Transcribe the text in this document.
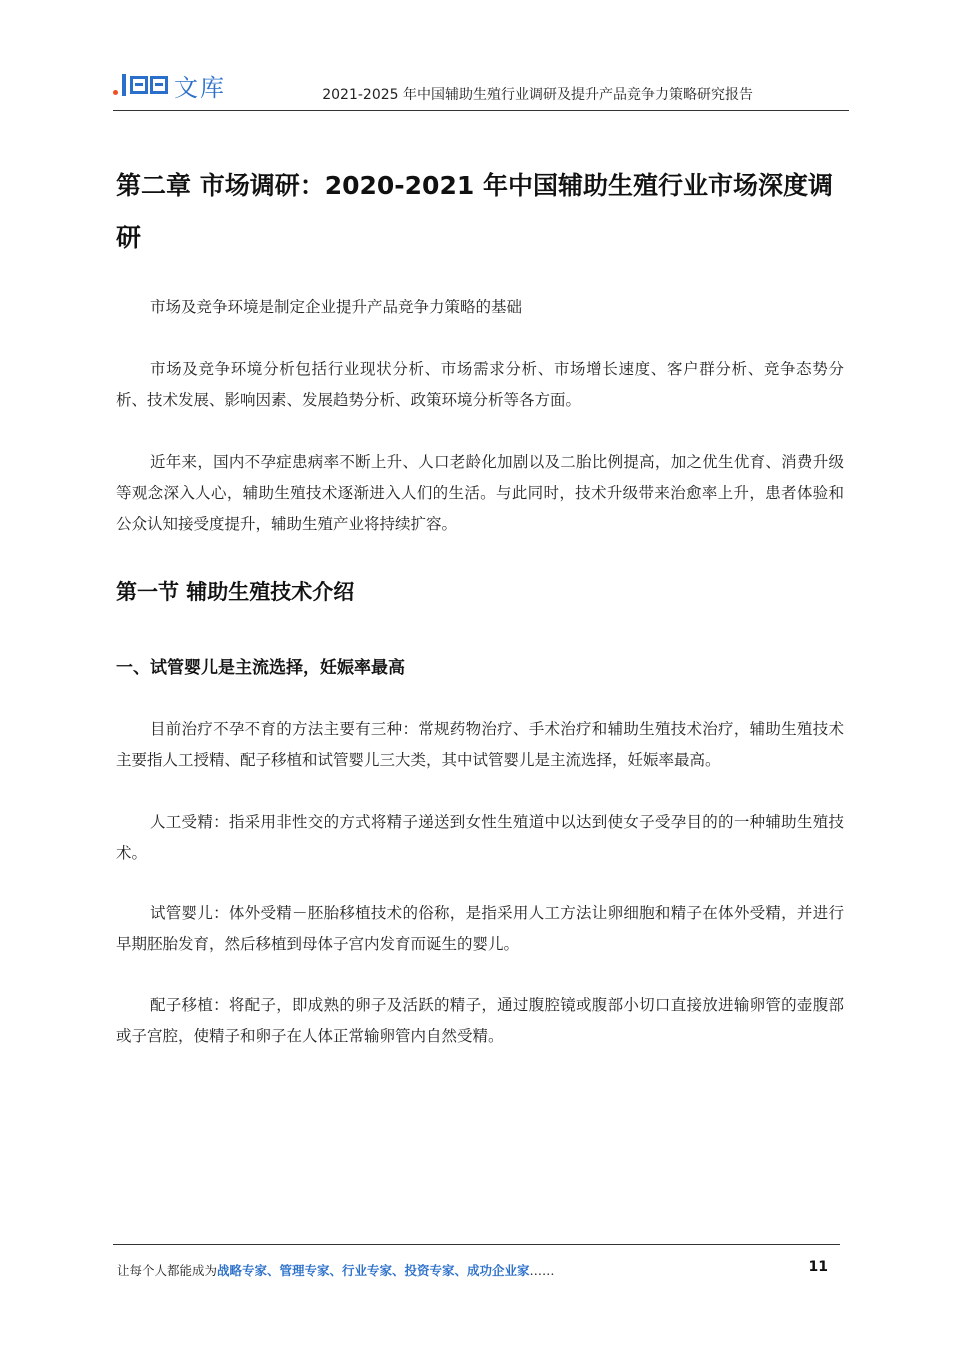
文库	2021-2025 年中国辅助生殖行业调研及提升产品竞争力策略研究报告
第二章 市场调研：2020-2021 年中国辅助生殖行业市场深度调研

市场及竞争环境是制定企业提升产品竞争力策略的基础

市场及竞争环境分析包括行业现状分析、市场需求分析、市场增长速度、客户群分析、竞争态势分析、技术发展、影响因素、发展趋势分析、政策环境分析等各方面。

近年来，国内不孕症患病率不断上升、人口老龄化加剧以及二胎比例提高，加之优生优育、消费升级等观念深入人心，辅助生殖技术逐渐进入人们的生活。与此同时，技术升级带来治愈率上升，患者体验和公众认知接受度提升，辅助生殖产业将持续扩容。

第一节 辅助生殖技术介绍
一、试管婴儿是主流选择，妊娠率最高

目前治疗不孕不育的方法主要有三种：常规药物治疗、手术治疗和辅助生殖技术治疗，辅助生殖技术主要指人工授精、配子移植和试管婴儿三大类，其中试管婴儿是主流选择，妊娠率最高。

人工受精：指采用非性交的方式将精子递送到女性生殖道中以达到使女子受孕目的的一种辅助生殖技术。

试管婴儿：体外受精－胚胎移植技术的俗称，是指采用人工方法让卵细胞和精子在体外受精，并进行早期胚胎发育，然后移植到母体子宫内发育而诞生的婴儿。

配子移植：将配子，即成熟的卵子及活跃的精子，通过腹腔镜或腹部小切口直接放进输卵管的壶腹部或子宫腔，使精子和卵子在人体正常输卵管内自然受精。

让每个人都能成为战略专家、管理专家、行业专家、投资专家、成功企业家……	11
